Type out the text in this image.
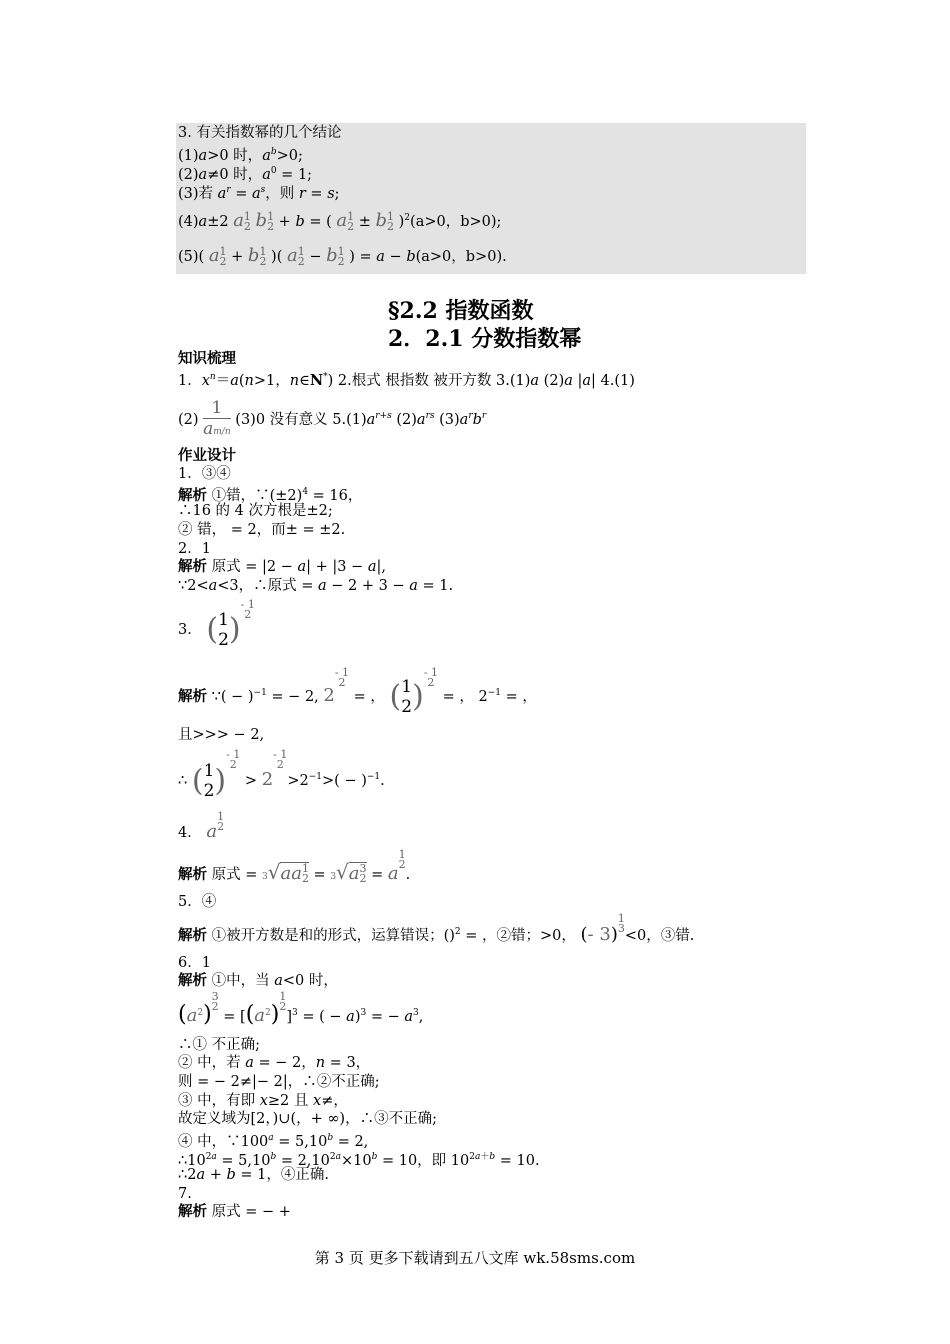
3. 有关指数幂的几个结论
(1)a>0 时，$a^b>0$;
(2)a≠0 时，$a^0 = 1$;
(3)若 $a^r = a^s$，则 r = s;
(4)a±2 a 1
2 b 1
2 + b = ( a 1
2 ± b 1
2 )$^2$(a>0，b>0);
(5)( a 1
2 + b 1
2 )( a 1
2 − b 1
2 ) = a − b(a>0，b>0).
§2.2 指数函数
2．2.1 分数指数幂
知识梳理
1．$x^n=a(n>1$，n∈N*) 2.根式 根指数 被开方数 3.(1)a (2)a |a| 4.(1)
$(2) \frac{1}{am/n} (3)0$ 没有意义 $5.(1)a^{r+s}$ $(2)a^{rs}$ $(3)a^rb^r$
作业设计
1．③④
解析 ①错，$\because(\pm 2)^4 = 16$，
∴16 的 4 次方根是±2;
② 错， = 2，而± = ±2.
2．1
解析 原式 = |2 − a| + |3 − a|,
∵2<a<3，∴原式 = a − 2 + 3 − a = 1.
3． ( 1
2 )
- 1
2
解析 ∵( − )$^{-1}$ = − 2, 2
- 1
2
= ， ( 1
2 )
- 1
2
= ， $2^{-1}$ = ，
且>>> − 2,
∴ ( 1
2 )
- 1
2
> 2
- 1
2
$>2^{-1}>( - )^{-1}$.
4． a
1
2
解析 原式 = 3√aa 1
2 = 3√a 3
2 = a
1
2
.
5．④
解析 ①被开方数是和的形式，运算错误；()$^2$ = ，②错；>0， (- 3)
1
3 <0，③错.
6．1
解析 ①中，当 a<0 时，
$(a^2)$
3
2
= [$(a^2)$
1
2
]$^3$ = ( − a)$^3$ = − $a^3$,
∴① 不正确;
② 中，若 a = − 2，n = 3，
则 = − 2≠|− 2|，∴②不正确;
③ 中，有即 x≥2 且 x≠，
故定义域为[2，)∪(，+ ∞)，∴③不正确;
④ 中，$\because 100^a = 5,10^b = 2$,
$\therefore 10^{2a} = 5,10^b = 2,10^{2a}\times 10^b = 10$，即 $10^{2a+b} = 10$.
∴2a + b = 1，④正确.
7.
解析 原式 = − +
第 3 页 更多下载请到五八文库 wk.58sms.com
